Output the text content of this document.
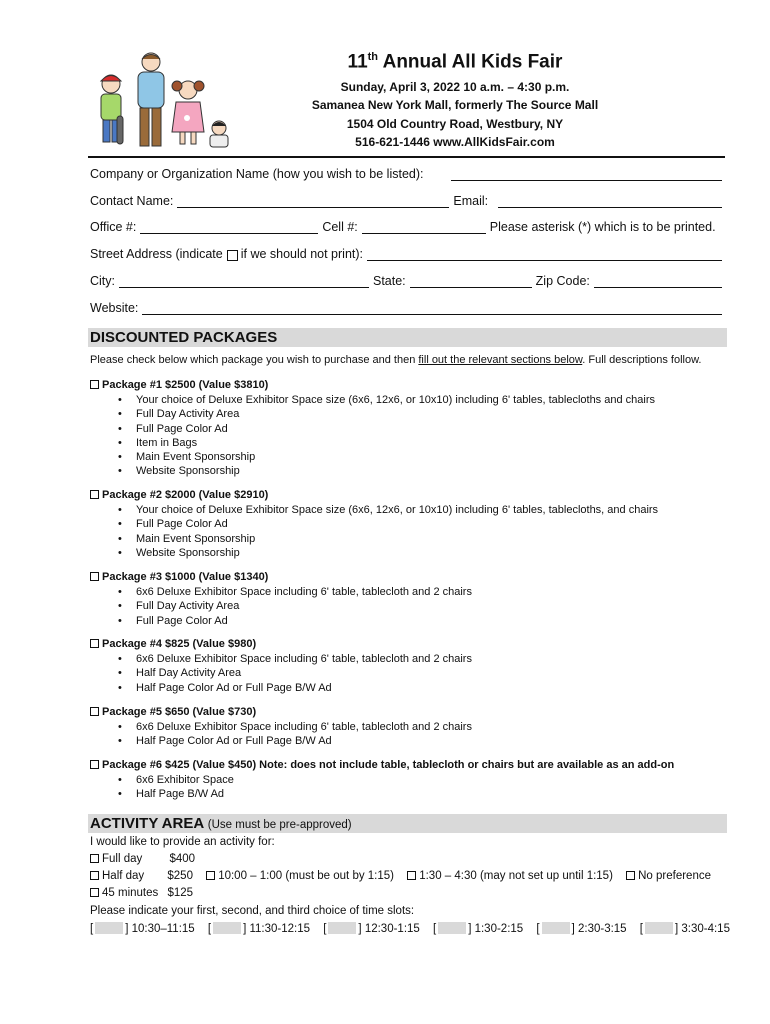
11th Annual All Kids Fair
Sunday, April 3, 2022 10 a.m. – 4:30 p.m.
Samanea New York Mall, formerly The Source Mall
1504 Old Country Road, Westbury, NY
516-621-1446 www.AllKidsFair.com
Company or Organization Name (how you wish to be listed):
Contact Name:	Email:
Office #:	Cell #:	Please asterisk (*) which is to be printed.
Street Address (indicate if we should not print):
City:	State:	Zip Code:
Website:
DISCOUNTED PACKAGES
Please check below which package you wish to purchase and then fill out the relevant sections below. Full descriptions follow.
Package #1 $2500 (Value $3810)
• Your choice of Deluxe Exhibitor Space size (6x6, 12x6, or 10x10) including 6' tables, tablecloths and chairs
• Full Day Activity Area
• Full Page Color Ad
• Item in Bags
• Main Event Sponsorship
• Website Sponsorship
Package #2 $2000 (Value $2910)
• Your choice of Deluxe Exhibitor Space size (6x6, 12x6, or 10x10) including 6' tables, tablecloths, and chairs
• Full Page Color Ad
• Main Event Sponsorship
• Website Sponsorship
Package #3 $1000 (Value $1340)
• 6x6 Deluxe Exhibitor Space including 6' table, tablecloth and 2 chairs
• Full Day Activity Area
• Full Page Color Ad
Package #4 $825 (Value $980)
• 6x6 Deluxe Exhibitor Space including 6' table, tablecloth and 2 chairs
• Half Day Activity Area
• Half Page Color Ad or Full Page B/W Ad
Package #5 $650 (Value $730)
• 6x6 Deluxe Exhibitor Space including 6' table, tablecloth and 2 chairs
• Half Page Color Ad or Full Page B/W Ad
Package #6 $425 (Value $450) Note: does not include table, tablecloth or chairs but are available as an add-on
• 6x6 Exhibitor Space
• Half Page B/W Ad
ACTIVITY AREA (Use must be pre-approved)
I would like to provide an activity for:
Full day $400
Half day $250 10:00 – 1:00 (must be out by 1:15) 1:30 – 4:30 (may not set up until 1:15) No preference
45 minutes $125
Please indicate your first, second, and third choice of time slots:
[	] 10:30–11:15 [	] 11:30-12:15 [	] 12:30-1:15 [	] 1:30-2:15 [	] 2:30-3:15 [	] 3:30-4:15
